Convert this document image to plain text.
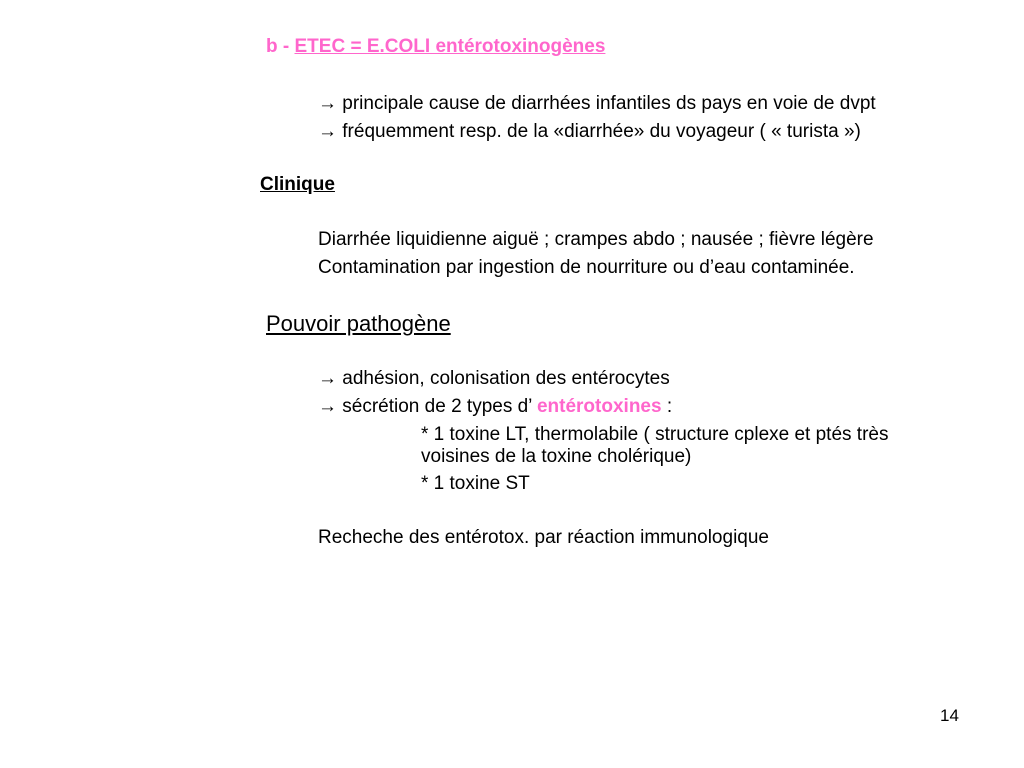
b - ETEC = E.COLI entérotoxinogènes
→ principale cause de diarrhées infantiles ds pays en voie de dvpt
→ fréquemment resp. de la «diarrhée» du voyageur ( « turista »)
Clinique
Diarrhée liquidienne aiguë ; crampes abdo ; nausée ; fièvre légère
Contamination par ingestion de nourriture ou d’eau contaminée.
Pouvoir pathogène
→ adhésion, colonisation des entérocytes
→ sécrétion de 2 types d’ entérotoxines :
* 1 toxine LT, thermolabile ( structure cplexe et ptés très
voisines de la toxine cholérique)
* 1 toxine ST
Recheche des entérotox. par réaction immunologique
14
